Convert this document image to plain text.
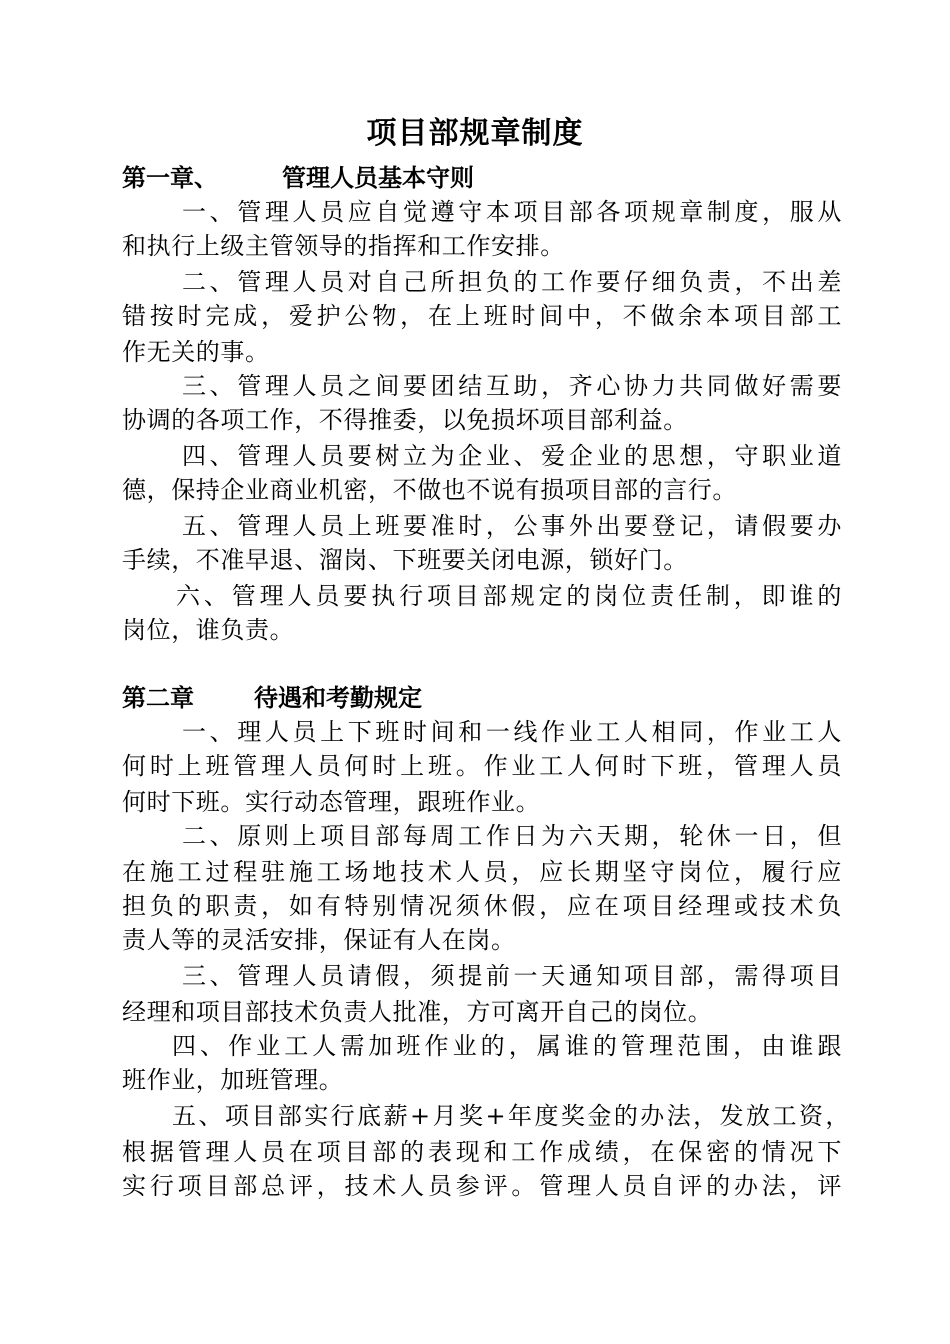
项目部规章制度
第一章、	管理人员基本守则
一、管理人员应自觉遵守本项目部各项规章制度，服从
和执行上级主管领导的指挥和工作安排。
二、管理人员对自己所担负的工作要仔细负责，不出差
错按时完成，爱护公物，在上班时间中，不做余本项目部工
作无关的事。
三、管理人员之间要团结互助，齐心协力共同做好需要
协调的各项工作，不得推委，以免损坏项目部利益。
四、管理人员要树立为企业、爱企业的思想，守职业道
德，保持企业商业机密，不做也不说有损项目部的言行。
五、管理人员上班要准时，公事外出要登记，请假要办
手续，不准早退、溜岗、下班要关闭电源，锁好门。
六、管理人员要执行项目部规定的岗位责任制，即谁的
岗位，谁负责。
第二章	待遇和考勤规定
一、理人员上下班时间和一线作业工人相同，作业工人
何时上班管理人员何时上班。作业工人何时下班，管理人员
何时下班。实行动态管理，跟班作业。
二、原则上项目部每周工作日为六天期，轮休一日，但
在施工过程驻施工场地技术人员，应长期坚守岗位，履行应
担负的职责，如有特别情况须休假，应在项目经理或技术负
责人等的灵活安排，保证有人在岗。
三、管理人员请假，须提前一天通知项目部，需得项目
经理和项目部技术负责人批准，方可离开自己的岗位。
四、作业工人需加班作业的，属谁的管理范围，由谁跟
班作业，加班管理。
五、项目部实行底薪+月奖+年度奖金的办法，发放工资，
根据管理人员在项目部的表现和工作成绩，在保密的情况下
实行项目部总评，技术人员参评。管理人员自评的办法，评
